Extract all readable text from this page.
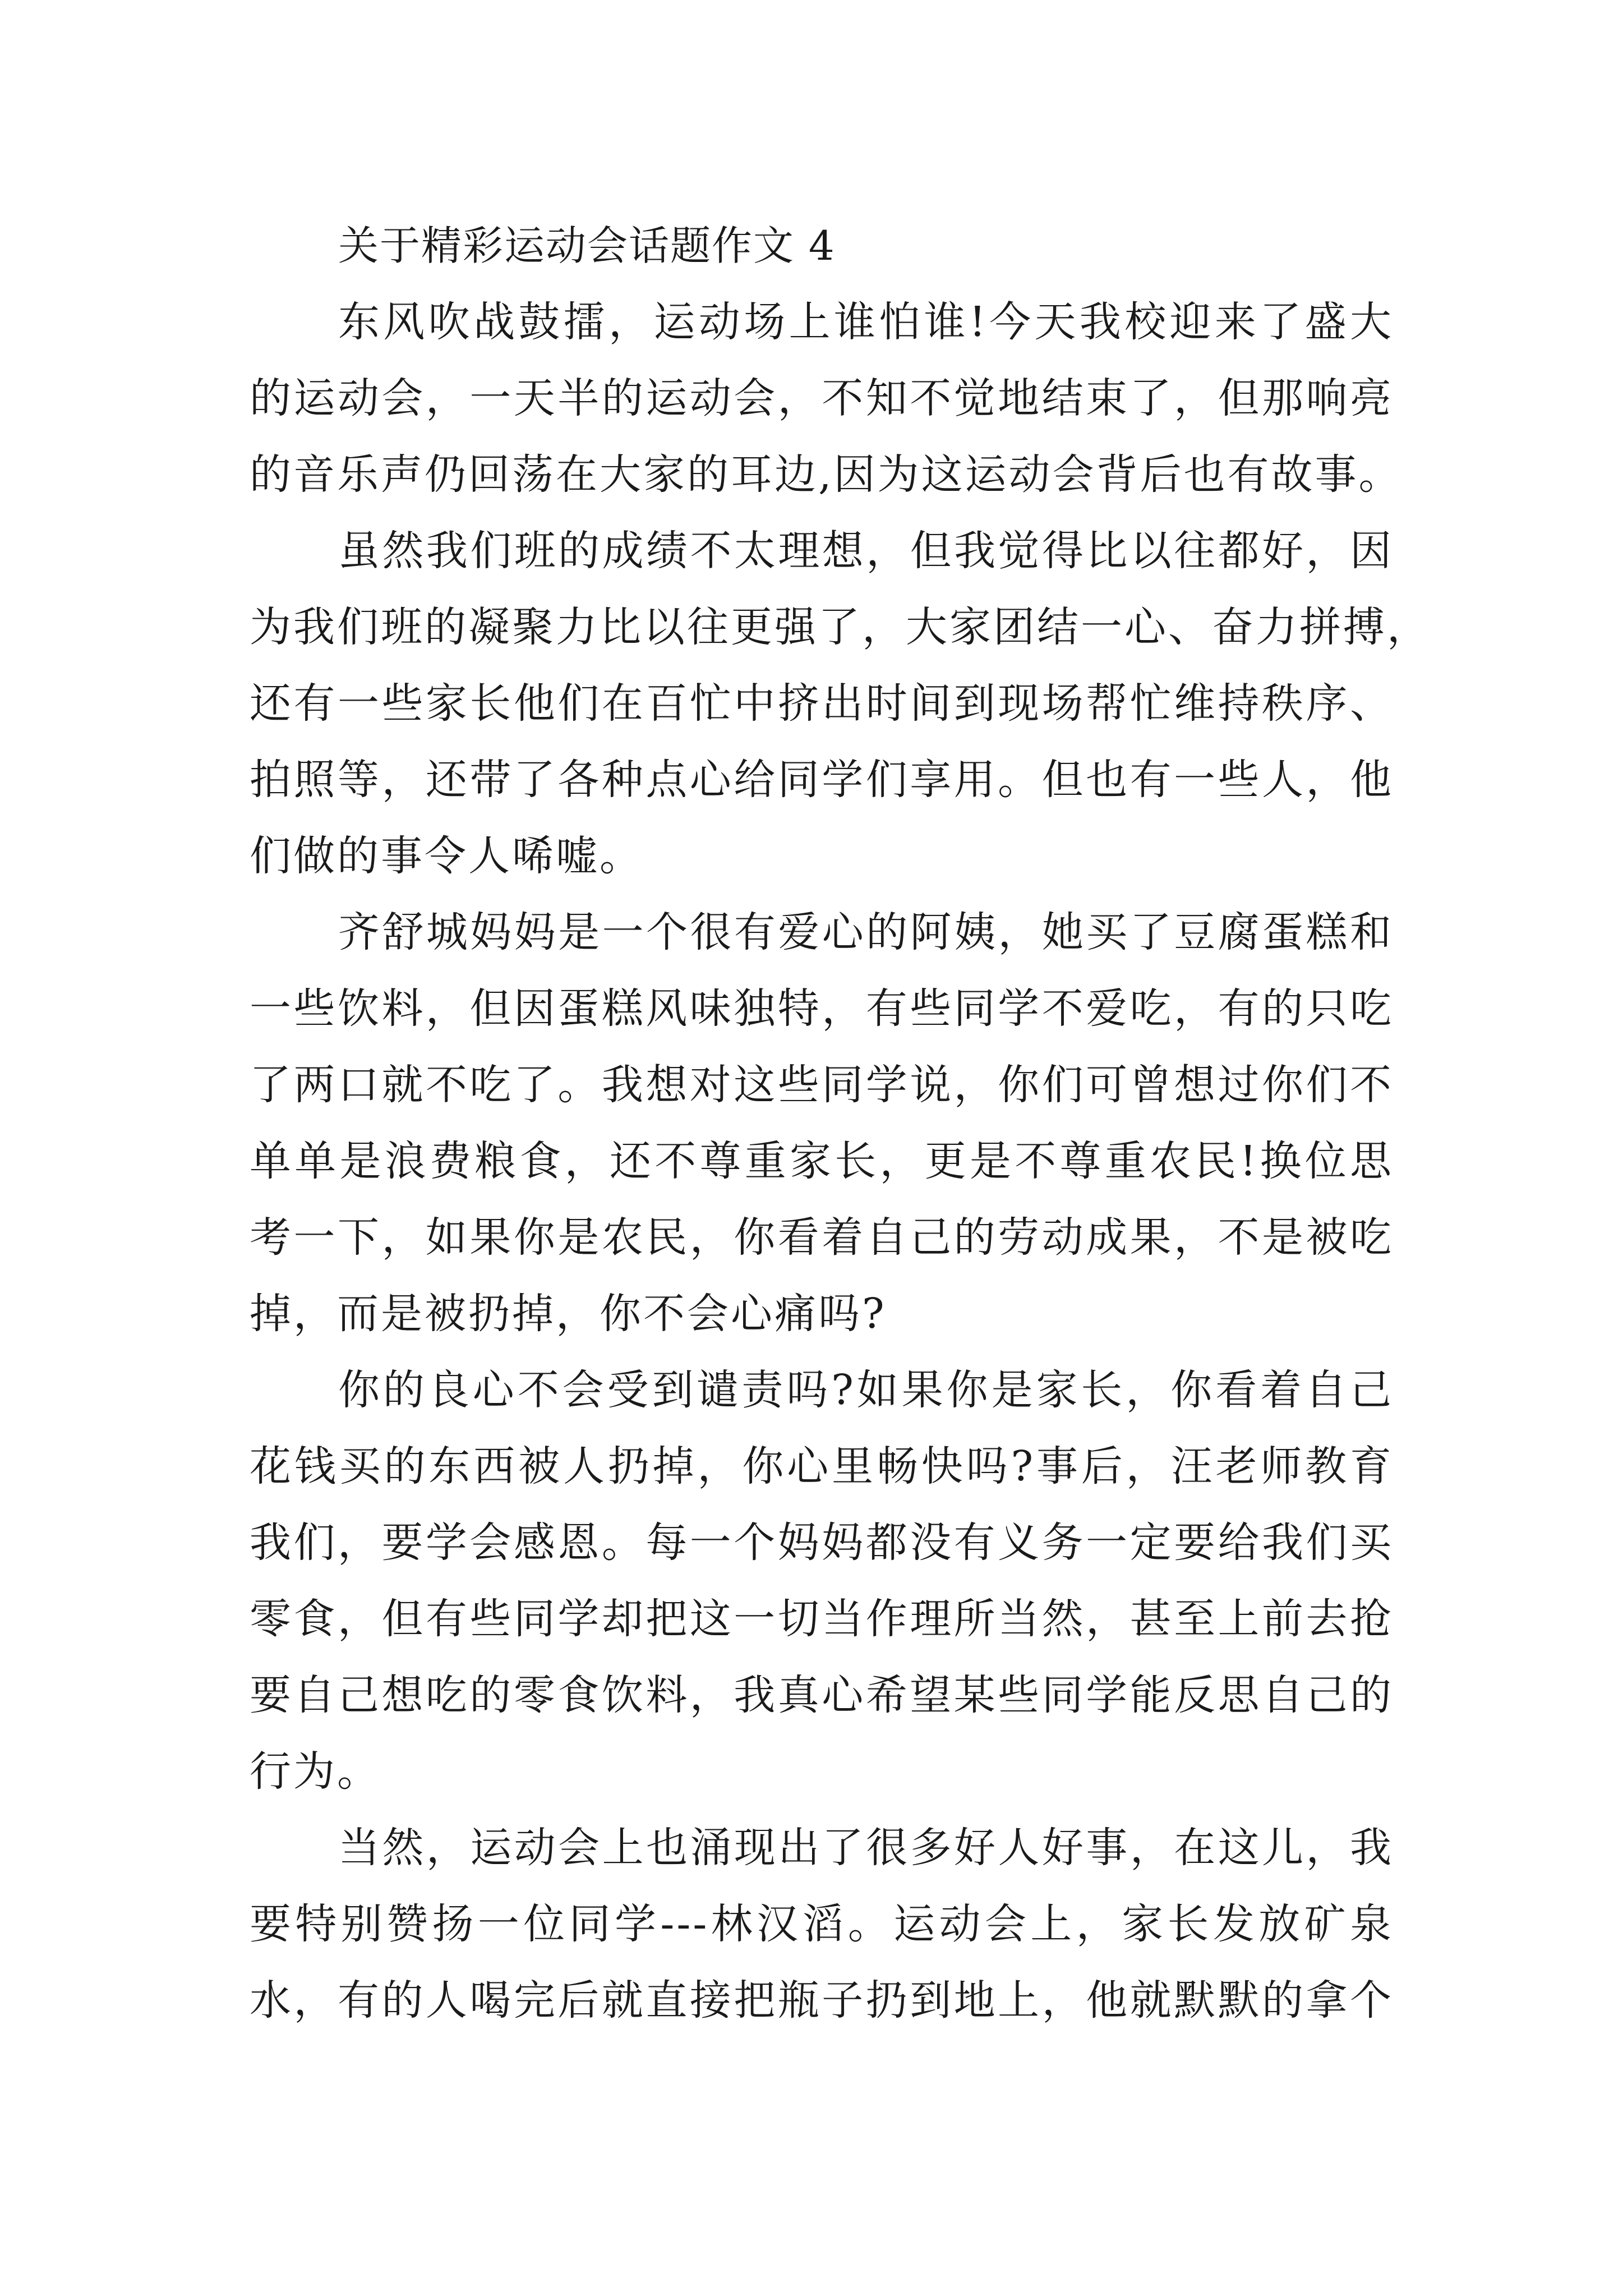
关于精彩运动会话题作文 4
东风吹战鼓擂，运动场上谁怕谁!今天我校迎来了盛大
的运动会，一天半的运动会，不知不觉地结束了，但那响亮
的音乐声仍回荡在大家的耳边,因为这运动会背后也有故事。
虽然我们班的成绩不太理想，但我觉得比以往都好，因
为我们班的凝聚力比以往更强了，大家团结一心、奋力拼搏，
还有一些家长他们在百忙中挤出时间到现场帮忙维持秩序、
拍照等，还带了各种点心给同学们享用。但也有一些人，他
们做的事令人唏嘘。
齐舒城妈妈是一个很有爱心的阿姨，她买了豆腐蛋糕和
一些饮料，但因蛋糕风味独特，有些同学不爱吃，有的只吃
了两口就不吃了。我想对这些同学说，你们可曾想过你们不
单单是浪费粮食，还不尊重家长，更是不尊重农民!换位思
考一下，如果你是农民，你看着自己的劳动成果，不是被吃
掉，而是被扔掉，你不会心痛吗?
你的良心不会受到谴责吗?如果你是家长，你看着自己
花钱买的东西被人扔掉，你心里畅快吗?事后，汪老师教育
我们，要学会感恩。每一个妈妈都没有义务一定要给我们买
零食，但有些同学却把这一切当作理所当然，甚至上前去抢
要自己想吃的零食饮料，我真心希望某些同学能反思自己的
行为。
当然，运动会上也涌现出了很多好人好事，在这儿，我
要特别赞扬一位同学---林汉滔。运动会上，家长发放矿泉
水，有的人喝完后就直接把瓶子扔到地上，他就默默的拿个
